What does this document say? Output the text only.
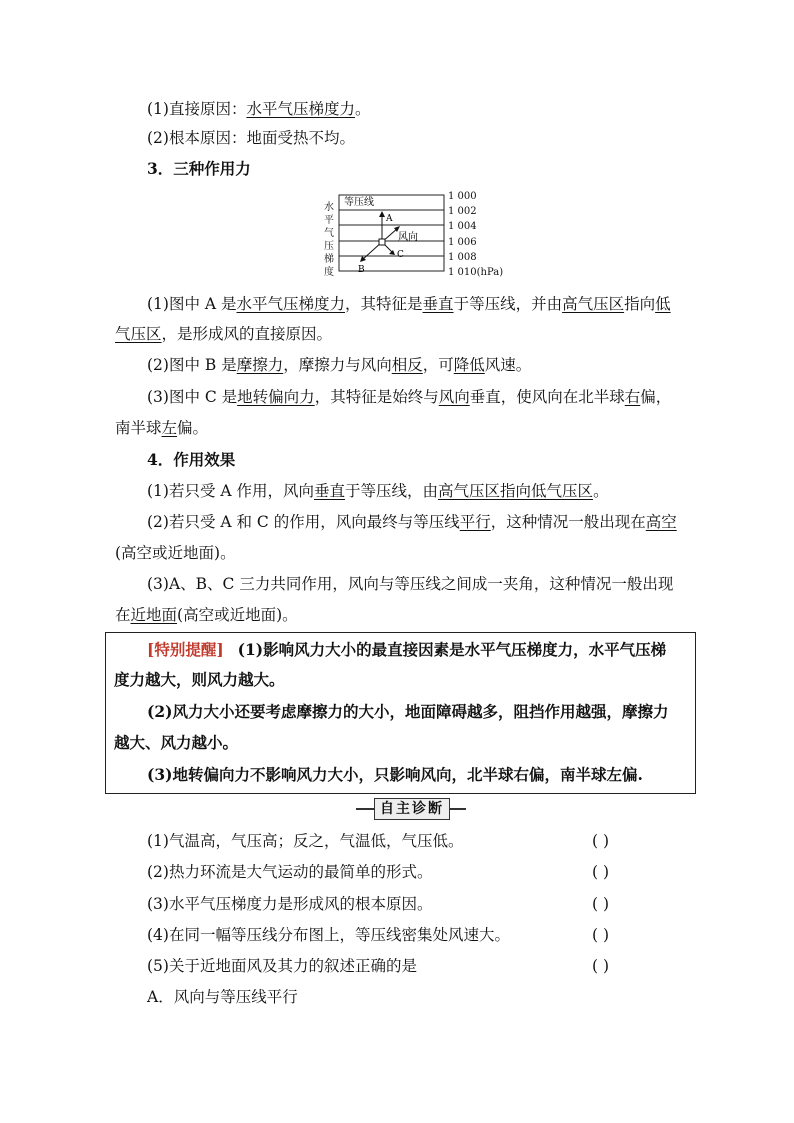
(1)直接原因：水平气压梯度力。
(2)根本原因：地面受热不均。
3．三种作用力
水
平
气
压
梯
度
等压线
A
风向
C
B
1 000
1 002
1 004
1 006
1 008
1 010(hPa)
(1)图中 A 是水平气压梯度力，其特征是垂直于等压线，并由高气压区指向低
气压区，是形成风的直接原因。
(2)图中 B 是摩擦力，摩擦力与风向相反，可降低风速。
(3)图中 C 是地转偏向力，其特征是始终与风向垂直，使风向在北半球右偏，
南半球左偏。
4．作用效果
(1)若只受 A 作用，风向垂直于等压线，由高气压区指向低气压区。
(2)若只受 A 和 C 的作用，风向最终与等压线平行，这种情况一般出现在高空
(高空或近地面)。
(3)A、B、C 三力共同作用，风向与等压线之间成一夹角，这种情况一般出现
在近地面(高空或近地面)。
[特别提醒] (1)影响风力大小的最直接因素是水平气压梯度力，水平气压梯
度力越大，则风力越大。
(2)风力大小还要考虑摩擦力的大小，地面障碍越多，阻挡作用越强，摩擦力
越大、风力越小。
(3)地转偏向力不影响风力大小，只影响风向，北半球右偏，南半球左偏.
自主诊断
(1)气温高，气压高；反之，气温低，气压低。	( )
(2)热力环流是大气运动的最简单的形式。	( )
(3)水平气压梯度力是形成风的根本原因。	( )
(4)在同一幅等压线分布图上，等压线密集处风速大。	( )
(5)关于近地面风及其力的叙述正确的是	( )
A．风向与等压线平行
